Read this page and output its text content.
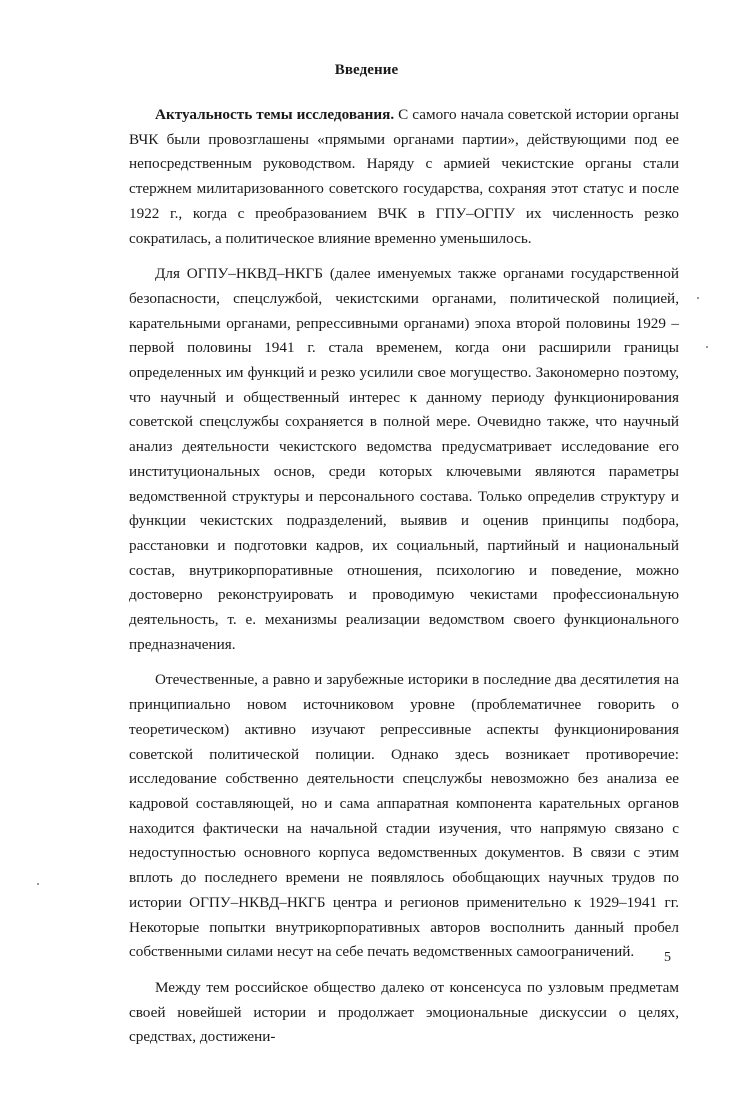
Введение

Актуальность темы исследования. С самого начала советской истории органы ВЧК были провозглашены «прямыми органами партии», действующими под ее непосредственным руководством. Наряду с армией чекистские органы стали стержнем милитаризованного советского государства, сохраняя этот статус и после 1922 г., когда с преобразованием ВЧК в ГПУ–ОГПУ их численность резко сократилась, а политическое влияние временно уменьшилось.

Для ОГПУ–НКВД–НКГБ (далее именуемых также органами государственной безопасности, спецслужбой, чекистскими органами, политической полицией, карательными органами, репрессивными органами) эпоха второй половины 1929 – первой половины 1941 г. стала временем, когда они расширили границы определенных им функций и резко усилили свое могущество. Закономерно поэтому, что научный и общественный интерес к данному периоду функционирования советской спецслужбы сохраняется в полной мере. Очевидно также, что научный анализ деятельности чекистского ведомства предусматривает исследование его институциональных основ, среди которых ключевыми являются параметры ведомственной структуры и персонального состава. Только определив структуру и функции чекистских подразделений, выявив и оценив принципы подбора, расстановки и подготовки кадров, их социальный, партийный и национальный состав, внутрикорпоративные отношения, психологию и поведение, можно достоверно реконструировать и проводимую чекистами профессиональную деятельность, т. е. механизмы реализации ведомством своего функционального предназначения.

Отечественные, а равно и зарубежные историки в последние два десятилетия на принципиально новом источниковом уровне (проблематичнее говорить о теоретическом) активно изучают репрессивные аспекты функционирования советской политической полиции. Однако здесь возникает противоречие: исследование собственно деятельности спецслужбы невозможно без анализа ее кадровой составляющей, но и сама аппаратная компонента карательных органов находится фактически на начальной стадии изучения, что напрямую связано с недоступностью основного корпуса ведомственных документов. В связи с этим вплоть до последнего времени не появлялось обобщающих научных трудов по истории ОГПУ–НКВД–НКГБ центра и регионов применительно к 1929–1941 гг. Некоторые попытки внутрикорпоративных авторов восполнить данный пробел собственными силами несут на себе печать ведомственных самоограничений.

Между тем российское общество далеко от консенсуса по узловым предметам своей новейшей истории и продолжает эмоциональные дискуссии о целях, средствах, достижени-

5
